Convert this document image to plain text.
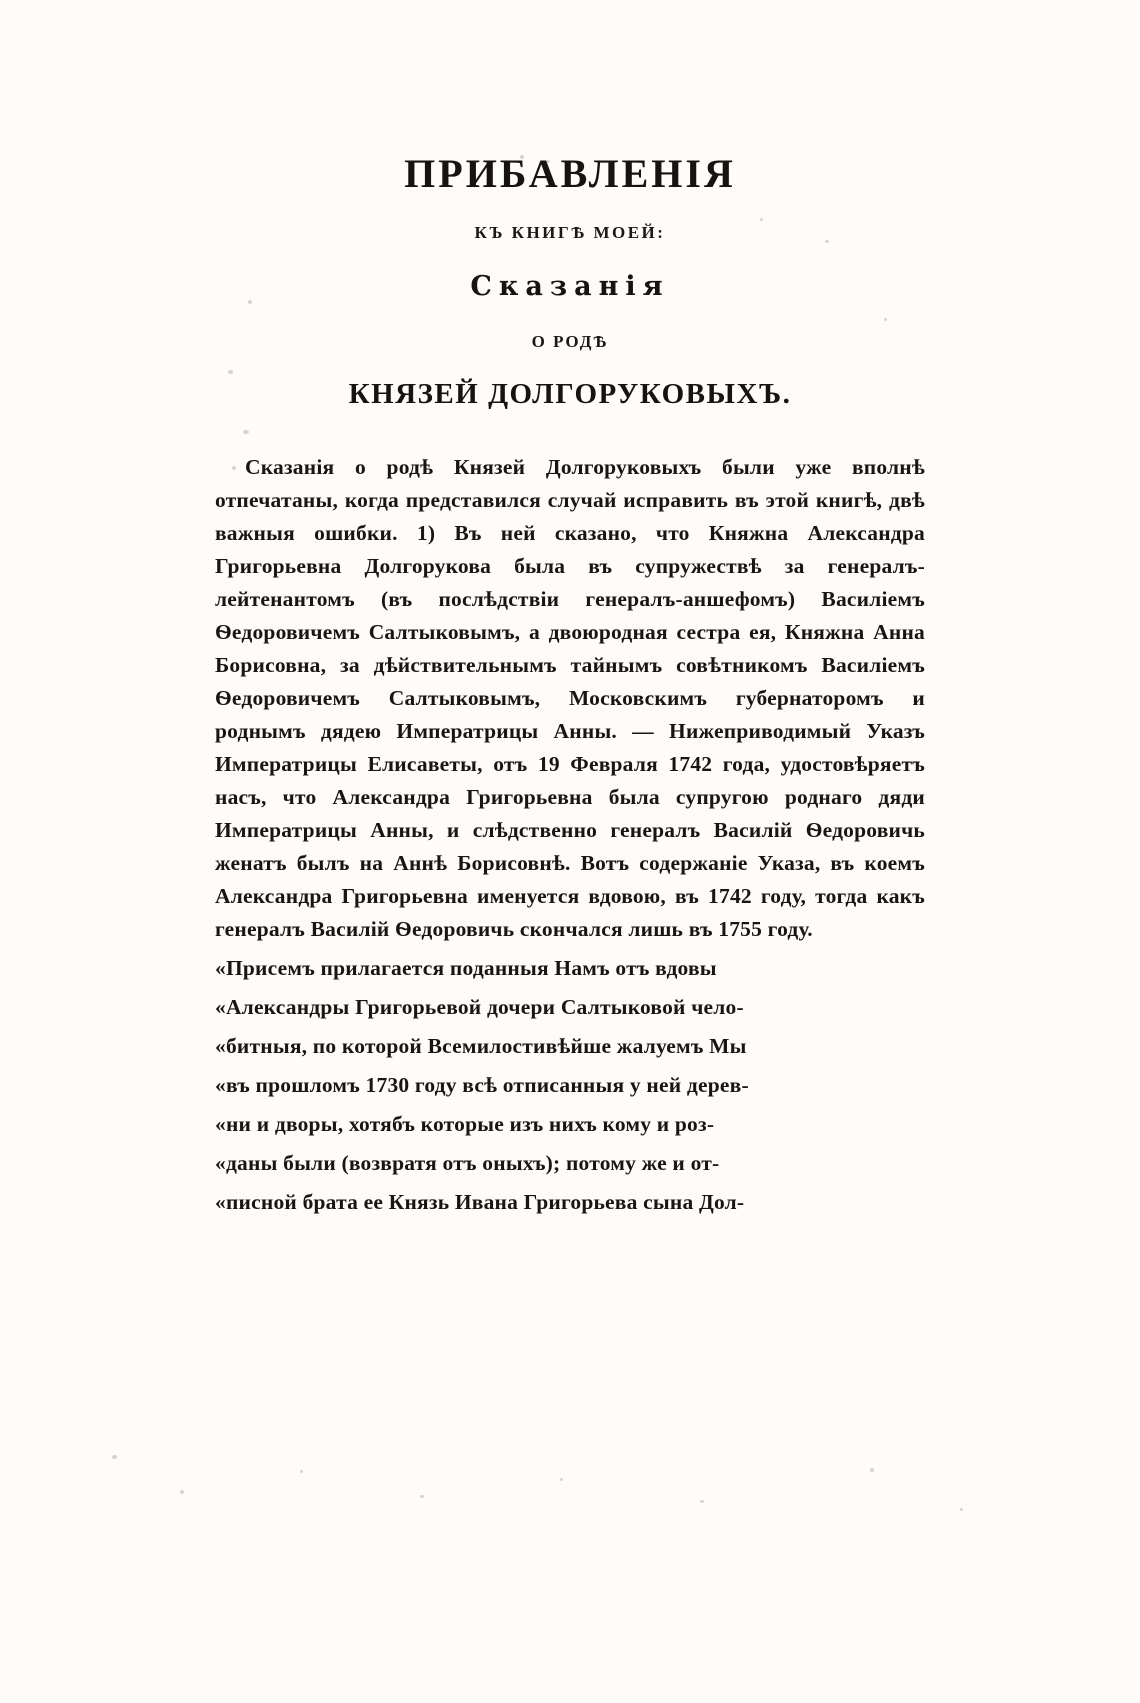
ПРИБАВЛЕНІЯ
КЪ КНИГѢ МОЕЙ:
Сказанія
О РОДѢ
КНЯЗЕЙ ДОЛГОРУКОВЫХЪ.

Сказанія о родѣ Князей Долгоруковыхъ были уже вполнѣ отпечатаны, когда представился случай исправить въ этой книгѣ, двѣ важныя ошибки. 1) Въ ней сказано, что Княжна Александра Григорьевна Долгорукова была въ супружествѣ за генералъ-лейтенантомъ (въ послѣдствіи генералъ-аншефомъ) Василіемъ Ѳедоровичемъ Салтыковымъ, а двоюродная сестра ея, Княжна Анна Борисовна, за дѣйствительнымъ тайнымъ совѣтникомъ Василіемъ Ѳедоровичемъ Салтыковымъ, Московскимъ губернаторомъ и роднымъ дядею Императрицы Анны. — Нижеприводимый Указъ Императрицы Елисаветы, отъ 19 Февраля 1742 года, удостовѣряетъ насъ, что Александра Григорьевна была супругою роднаго дяди Императрицы Анны, и слѣдственно генералъ Василій Ѳедоровичь женатъ былъ на Аннѣ Борисовнѣ. Вотъ содержаніе Указа, въ коемъ Александра Григорьевна именуется вдовою, въ 1742 году, тогда какъ генералъ Василій Ѳедоровичь скончался лишь въ 1755 году.

«Присемъ прилагается поданныя Намъ отъ вдовы

«Александры Григорьевой дочери Салтыковой чело-

«битныя, по которой Всемилостивѣйше жалуемъ Мы

«въ прошломъ 1730 году всѣ отписанныя у ней дерев-

«ни и дворы, хотябъ которые изъ нихъ кому и роз-

«даны были (возвратя отъ оныхъ); потому же и от-

«писной брата ее Князь Ивана Григорьева сына Дол-
